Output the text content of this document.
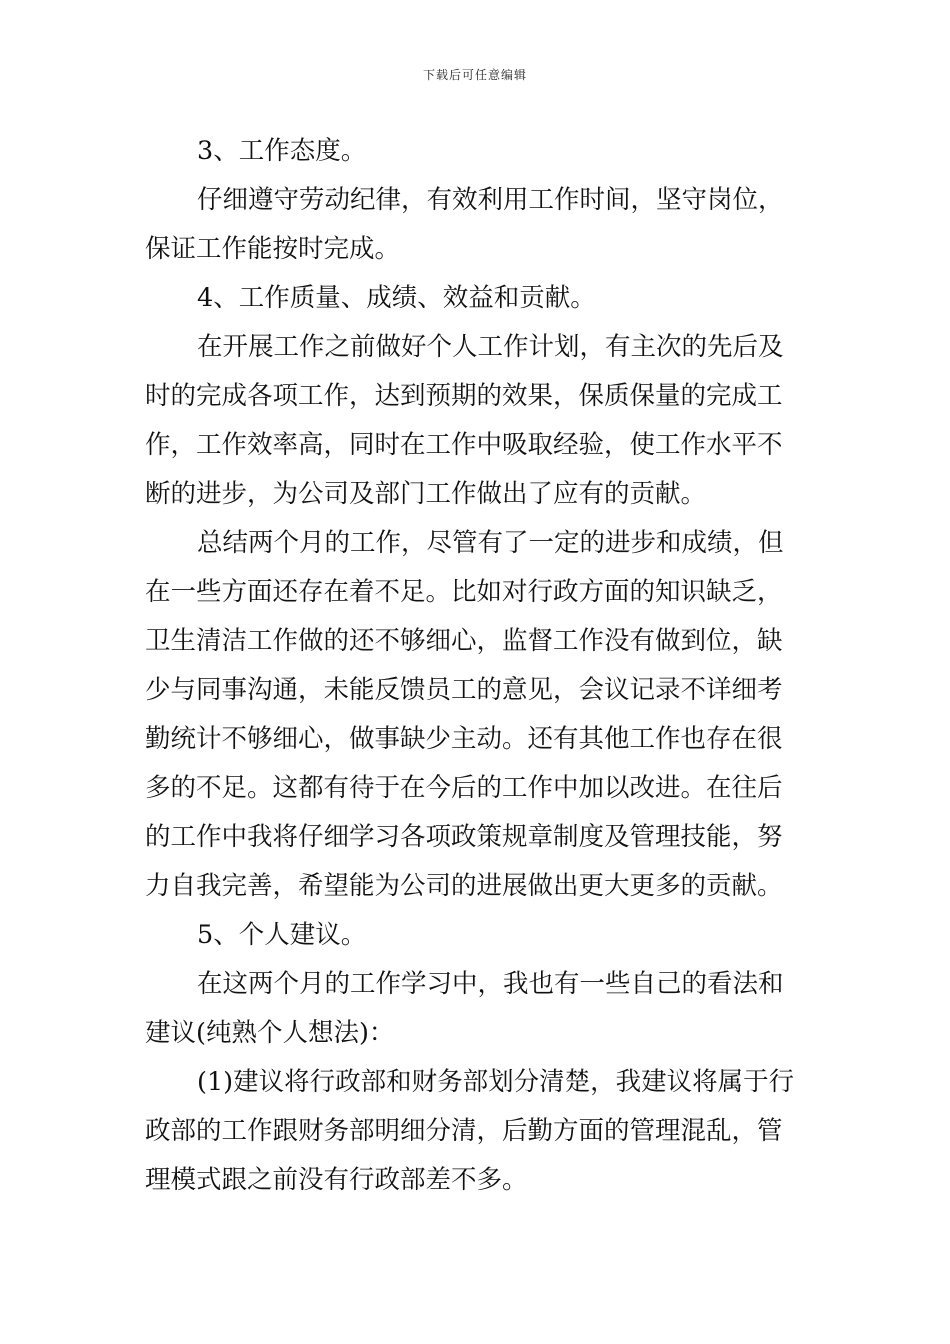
下载后可任意编辑
3、工作态度。
仔细遵守劳动纪律，有效利用工作时间，坚守岗位，
保证工作能按时完成。
4、工作质量、成绩、效益和贡献。
在开展工作之前做好个人工作计划，有主次的先后及
时的完成各项工作，达到预期的效果，保质保量的完成工
作，工作效率高，同时在工作中吸取经验，使工作水平不
断的进步，为公司及部门工作做出了应有的贡献。
总结两个月的工作，尽管有了一定的进步和成绩，但
在一些方面还存在着不足。比如对行政方面的知识缺乏，
卫生清洁工作做的还不够细心，监督工作没有做到位，缺
少与同事沟通，未能反馈员工的意见，会议记录不详细考
勤统计不够细心，做事缺少主动。还有其他工作也存在很
多的不足。这都有待于在今后的工作中加以改进。在往后
的工作中我将仔细学习各项政策规章制度及管理技能，努
力自我完善，希望能为公司的进展做出更大更多的贡献。
5、个人建议。
在这两个月的工作学习中，我也有一些自己的看法和
建议(纯熟个人想法)：
(1)建议将行政部和财务部划分清楚，我建议将属于行
政部的工作跟财务部明细分清，后勤方面的管理混乱，管
理模式跟之前没有行政部差不多。
